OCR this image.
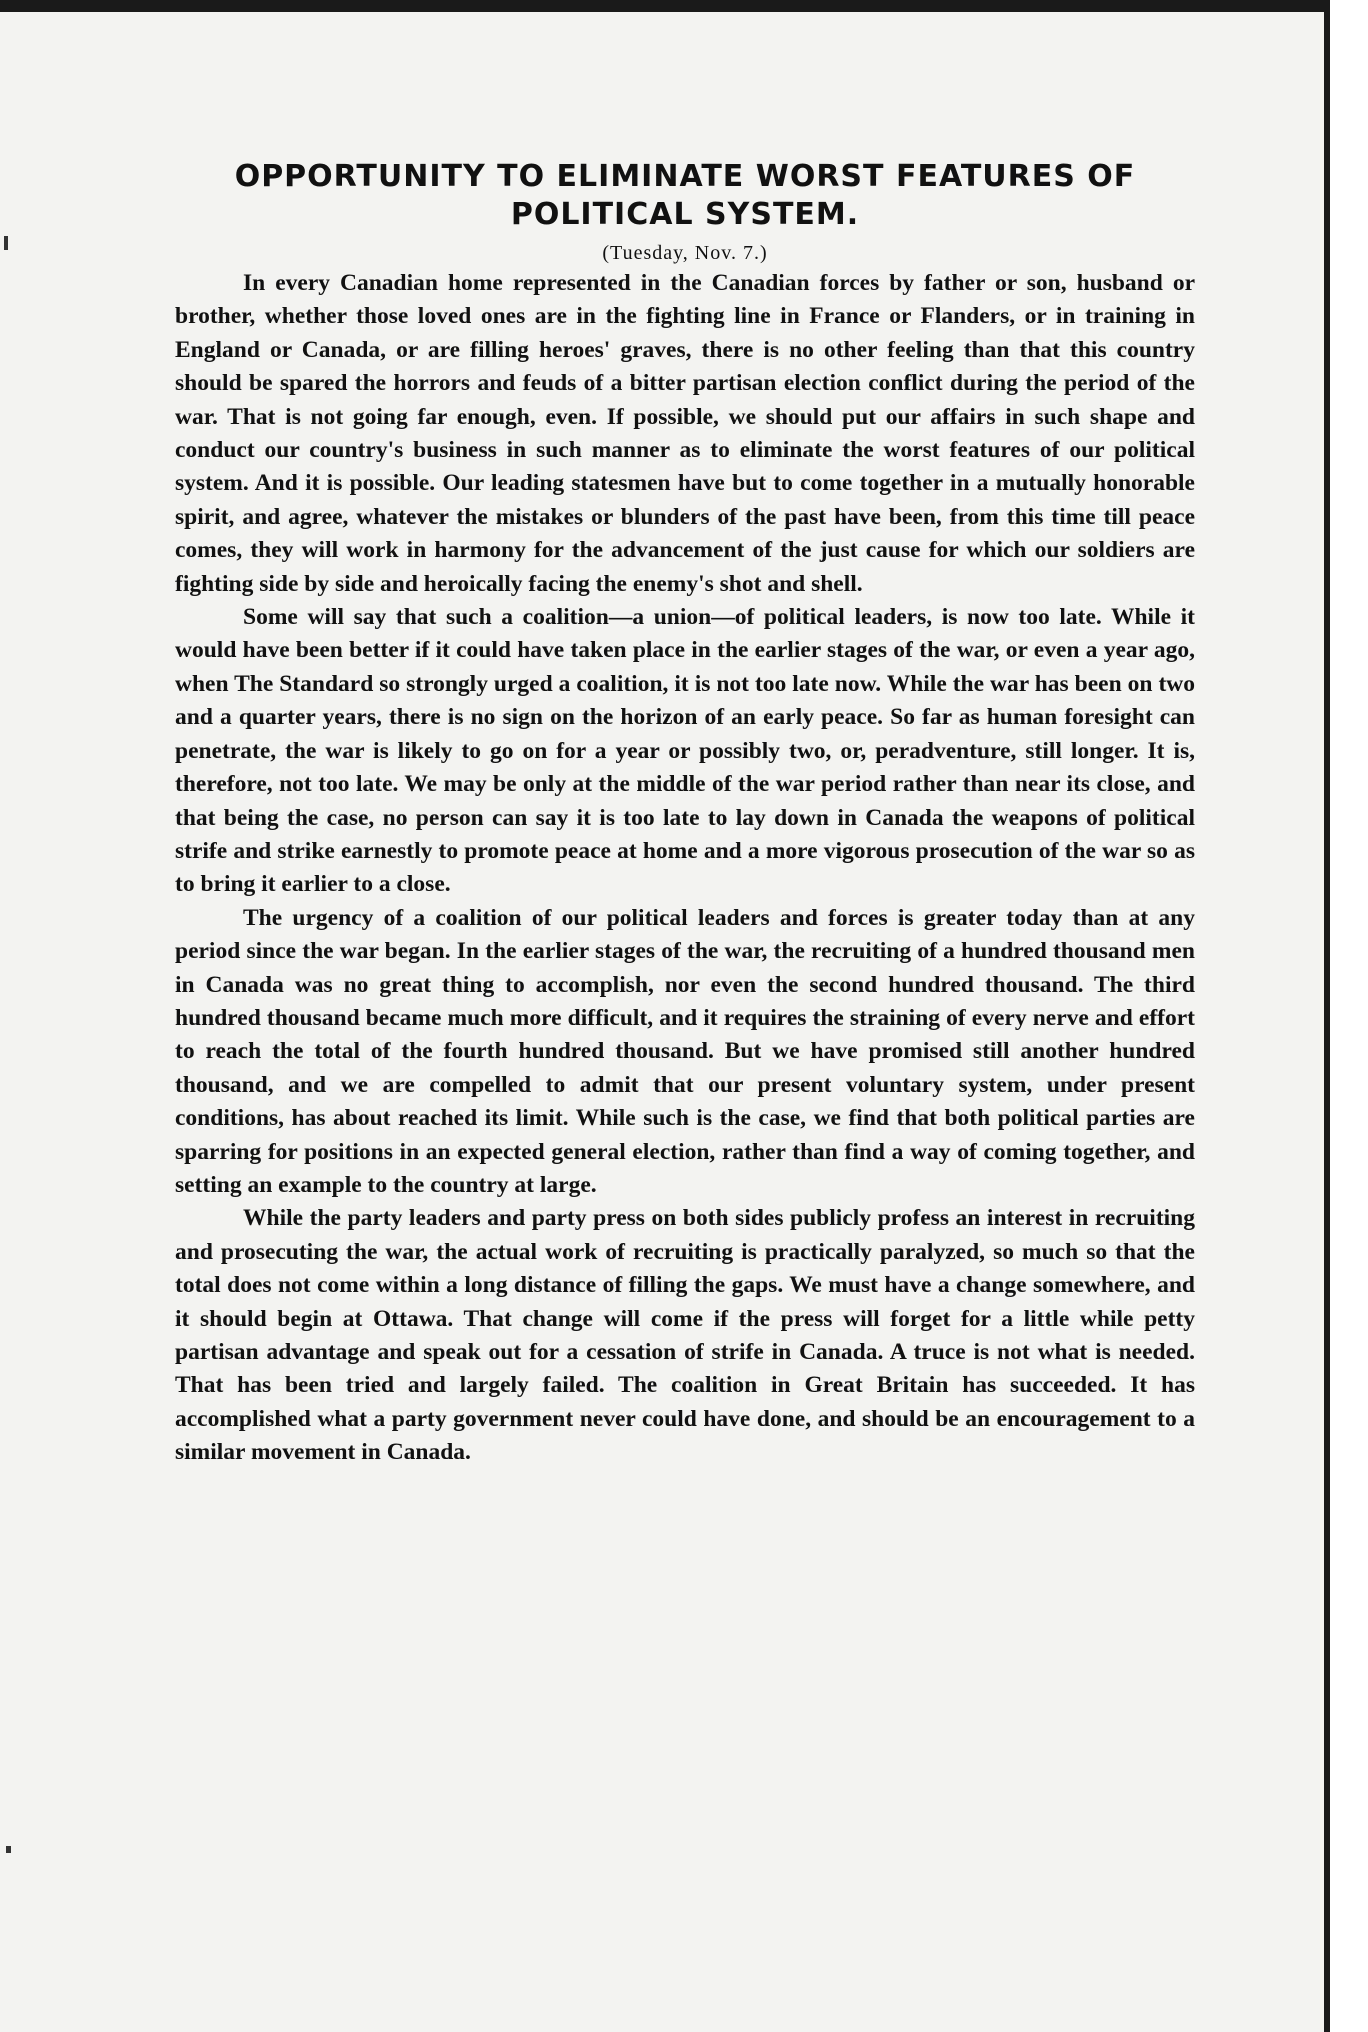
OPPORTUNITY TO ELIMINATE WORST FEATURES OF POLITICAL SYSTEM.
(Tuesday, Nov. 7.)

In every Canadian home represented in the Canadian forces by father or son, husband or brother, whether those loved ones are in the fighting line in France or Flanders, or in training in England or Canada, or are filling heroes' graves, there is no other feeling than that this country should be spared the horrors and feuds of a bitter partisan election conflict during the period of the war. That is not going far enough, even. If possible, we should put our affairs in such shape and conduct our country's business in such manner as to eliminate the worst features of our political system. And it is possible. Our leading statesmen have but to come together in a mutually honorable spirit, and agree, whatever the mistakes or blunders of the past have been, from this time till peace comes, they will work in harmony for the advancement of the just cause for which our soldiers are fighting side by side and heroically facing the enemy's shot and shell.

Some will say that such a coalition—a union—of political leaders, is now too late. While it would have been better if it could have taken place in the earlier stages of the war, or even a year ago, when The Standard so strongly urged a coalition, it is not too late now. While the war has been on two and a quarter years, there is no sign on the horizon of an early peace. So far as human foresight can penetrate, the war is likely to go on for a year or possibly two, or, peradventure, still longer. It is, therefore, not too late. We may be only at the middle of the war period rather than near its close, and that being the case, no person can say it is too late to lay down in Canada the weapons of political strife and strike earnestly to promote peace at home and a more vigorous prosecution of the war so as to bring it earlier to a close.

The urgency of a coalition of our political leaders and forces is greater today than at any period since the war began. In the earlier stages of the war, the recruiting of a hundred thousand men in Canada was no great thing to accomplish, nor even the second hundred thousand. The third hundred thousand became much more difficult, and it requires the straining of every nerve and effort to reach the total of the fourth hundred thousand. But we have promised still another hundred thousand, and we are compelled to admit that our present voluntary system, under present conditions, has about reached its limit. While such is the case, we find that both political parties are sparring for positions in an expected general election, rather than find a way of coming together, and setting an example to the country at large.

While the party leaders and party press on both sides publicly profess an interest in recruiting and prosecuting the war, the actual work of recruiting is practically paralyzed, so much so that the total does not come within a long distance of filling the gaps. We must have a change somewhere, and it should begin at Ottawa. That change will come if the press will forget for a little while petty partisan advantage and speak out for a cessation of strife in Canada. A truce is not what is needed. That has been tried and largely failed. The coalition in Great Britain has succeeded. It has accomplished what a party government never could have done, and should be an encouragement to a similar movement in Canada.
